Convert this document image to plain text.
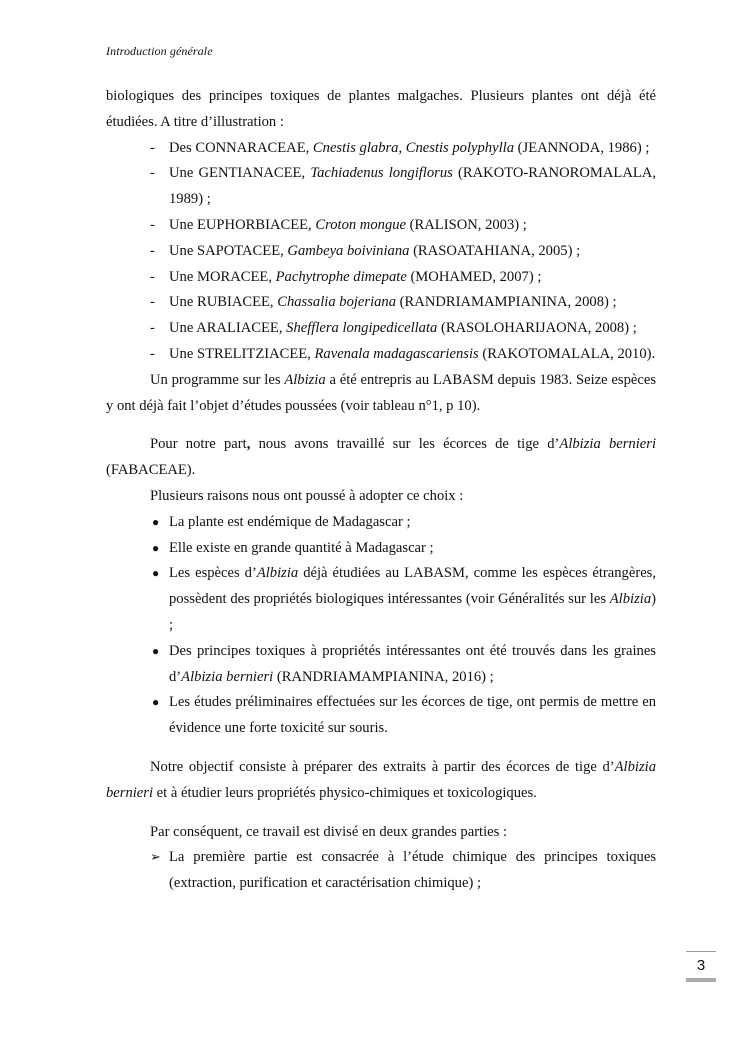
Introduction générale

biologiques des principes toxiques de plantes malgaches. Plusieurs plantes ont déjà été étudiées. A titre d’illustration :

- Des CONNARACEAE, Cnestis glabra, Cnestis polyphylla (JEANNODA, 1986) ;
- Une GENTIANACEE, Tachiadenus longiflorus (RAKOTO-RANOROMALALA, 1989) ;
- Une EUPHORBIACEE, Croton mongue (RALISON, 2003) ;
- Une SAPOTACEE, Gambeya boiviniana (RASOATAHIANA, 2005) ;
- Une MORACEE, Pachytrophe dimepate (MOHAMED, 2007) ;
- Une RUBIACEE, Chassalia bojeriana (RANDRIAMAMPIANINA, 2008) ;
- Une ARALIACEE, Shefflera longipedicellata (RASOLOHARIJAONA, 2008) ;
- Une STRELITZIACEE, Ravenala madagascariensis (RAKOTOMALALA, 2010).

Un programme sur les Albizia a été entrepris au LABASM depuis 1983. Seize espèces y ont déjà fait l’objet d’études poussées (voir tableau n°1, p 10).

Pour notre part, nous avons travaillé sur les écorces de tige d’Albizia bernieri (FABACEAE).

Plusieurs raisons nous ont poussé à adopter ce choix :

● La plante est endémique de Madagascar ;
● Elle existe en grande quantité à Madagascar ;
● Les espèces d’Albizia déjà étudiées au LABASM, comme les espèces étrangères, possèdent des propriétés biologiques intéressantes (voir Généralités sur les Albizia) ;
● Des principes toxiques à propriétés intéressantes ont été trouvés dans les graines d’Albizia bernieri (RANDRIAMAMPIANINA, 2016) ;
● Les études préliminaires effectuées sur les écorces de tige, ont permis de mettre en évidence une forte toxicité sur souris.

Notre objectif consiste à préparer des extraits à partir des écorces de tige d’Albizia bernieri et à étudier leurs propriétés physico-chimiques et toxicologiques.

Par conséquent, ce travail est divisé en deux grandes parties :

➢ La première partie est consacrée à l’étude chimique des principes toxiques (extraction, purification et caractérisation chimique) ;
3
